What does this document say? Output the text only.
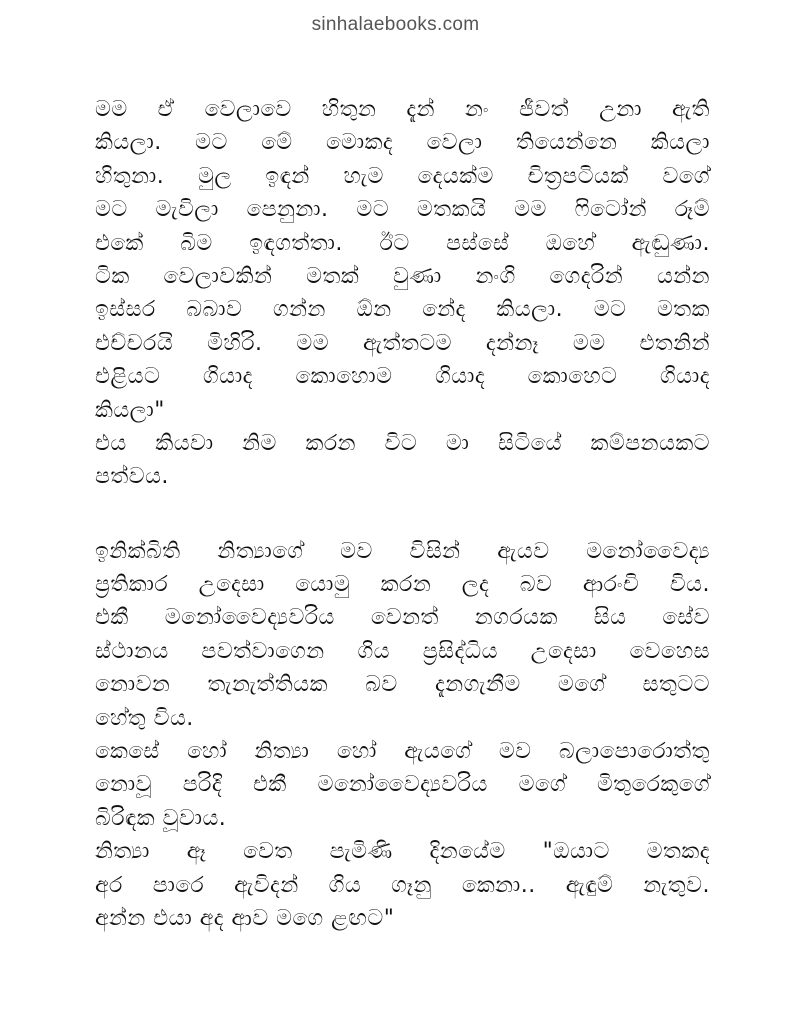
sinhalaebooks.com
මම ඒ වෙලාවෙ හිතුන දැන් නං ජීවත් උනා ඇති
කියලා. මට මේ මොකද වෙලා තියෙන්නෙ කියලා
හිතුනා. මුල ඉඳන් හැම දෙයක්ම චිත්‍රපටියක් වගේ
මට මැවිලා පෙනුනා. මට මතකයි මම ෆිටෝන් රූම්
එකේ බිම ඉඳගත්තා. ඊට පස්සේ ඔහේ ඇඬුණා.
ටික වෙලාවකින් මතක් වුණා නංගි ගෙදරින් යන්න
ඉස්සර බබාව ගන්න ඕන නේද කියලා. මට මතක
එච්චරයි මිහිරි. මම ඇත්තටම දන්නෑ මම එතනින්
එළියට ගියාද කොහොම ගියාද කොහෙට ගියාද
කියලා"
එය කියවා නිම කරන විට මා සිටියේ කම්පනයකට
පත්වය.
ඉනික්බිති නිත්‍යාගේ මව විසින් ඇයව මනෝවෛද්‍ය
ප්‍රතිකාර උදෙසා යොමු කරන ලද බව ආරංචි විය.
එකී මනෝවෛද්‍යවරිය වෙනත් නගරයක සිය සේව
ස්ථානය පවත්වාගෙන ගිය ප්‍රසිද්ධිය උදෙසා වෙහෙස
නොවන තැනැත්තියක බව දැනගැනීම මගේ සතුටට
හේතු විය.
කෙසේ හෝ නිත්‍යා හෝ ඇයගේ මව බලාපොරොත්තු
නොවූ පරිදි එකී මනෝවෛද්‍යවරිය මගේ මිතුරෙකුගේ
බිරිඳක වූවාය.
නිත්‍යා ඈ වෙත පැමිණි දිනයේම "ඔයාට මතකද
අර පාරෙ ඇවිදන් ගිය ගෑනු කෙනා.. ඇඳුම් නැතුව.
අන්න එයා අද ආව මගෙ ළඟට"
